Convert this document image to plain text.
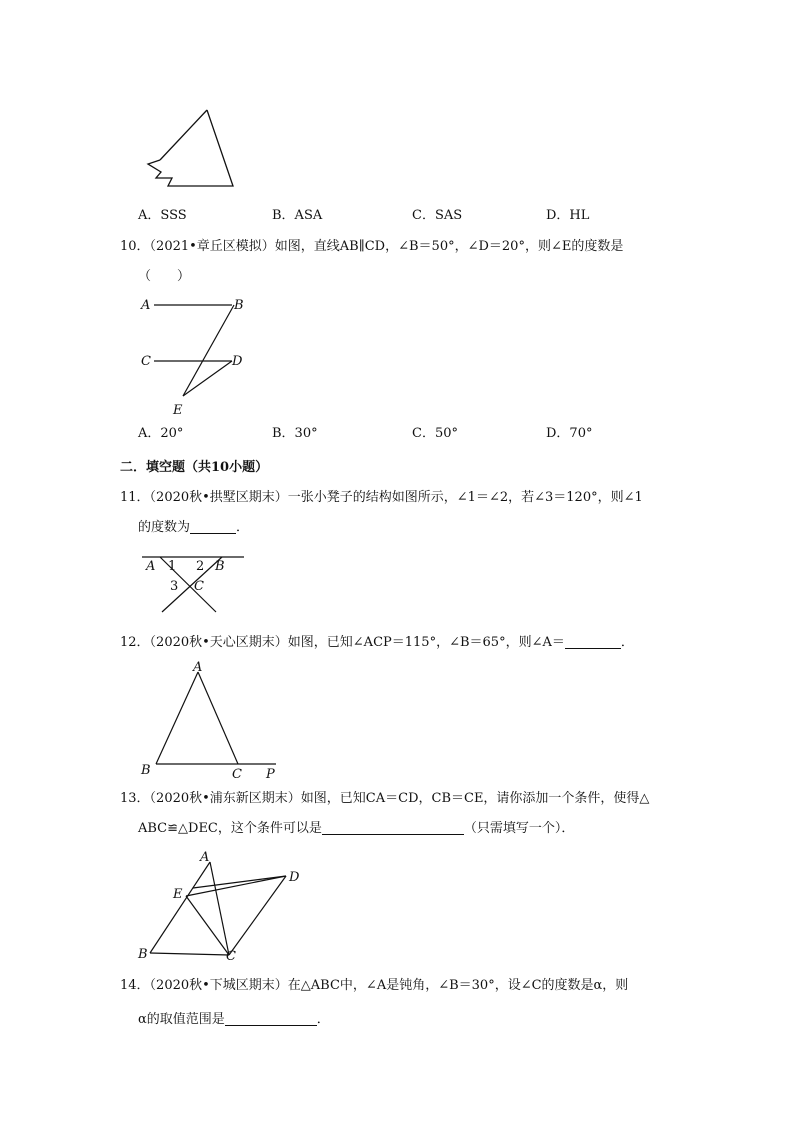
A．SSS	B．ASA	C．SAS	D．HL
10．（2021•章丘区模拟）如图，直线AB∥CD，∠B＝50°，∠D＝20°，则∠E的度数是
（　　）
A	B
C	D
E
A．20°	B．30°	C．50°	D．70°
二．填空题（共10小题）
11．（2020秋•拱墅区期末）一张小凳子的结构如图所示，∠1＝∠2，若∠3＝120°，则∠1
的度数为	．
A 1 2 B
3 C
12．（2020秋•天心区期末）如图，已知∠ACP＝115°，∠B＝65°，则∠A＝	．
A
B	C P
13．（2020秋•浦东新区期末）如图，已知CA＝CD，CB＝CE，请你添加一个条件，使得△
ABC≌△DEC，这个条件可以是	（只需填写一个）．
A
D
E
B	C
14．（2020秋•下城区期末）在△ABC中，∠A是钝角，∠B＝30°，设∠C的度数是α，则
α的取值范围是	．
